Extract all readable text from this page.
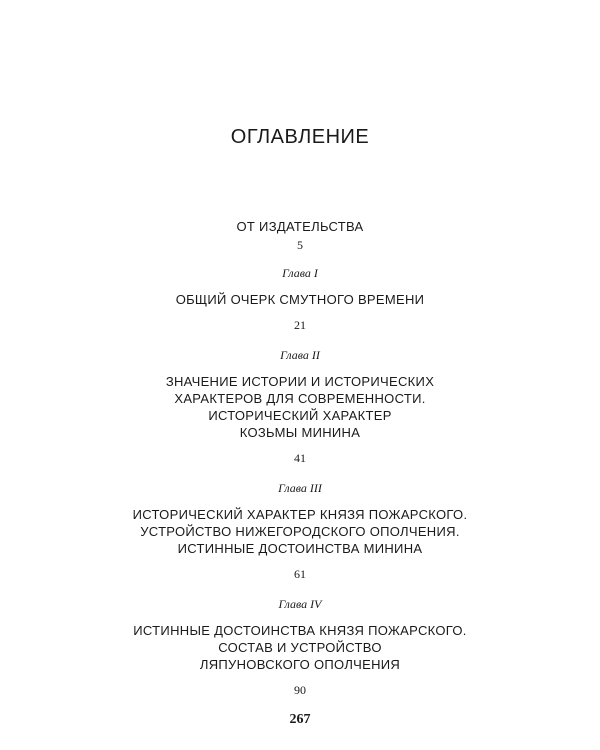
ОГЛАВЛЕНИЕ

ОТ ИЗДАТЕЛЬСТВА

5

Глава I

ОБЩИЙ ОЧЕРК СМУТНОГО ВРЕМЕНИ

21

Глава II

ЗНАЧЕНИЕ ИСТОРИИ И ИСТОРИЧЕСКИХ
ХАРАКТЕРОВ ДЛЯ СОВРЕМЕННОСТИ.
ИСТОРИЧЕСКИЙ ХАРАКТЕР
КОЗЬМЫ МИНИНА

41

Глава III

ИСТОРИЧЕСКИЙ ХАРАКТЕР КНЯЗЯ ПОЖАРСКОГО.
УСТРОЙСТВО НИЖЕГОРОДСКОГО ОПОЛЧЕНИЯ.
ИСТИННЫЕ ДОСТОИНСТВА МИНИНА

61

Глава IV

ИСТИННЫЕ ДОСТОИНСТВА КНЯЗЯ ПОЖАРСКОГО.
СОСТАВ И УСТРОЙСТВО
ЛЯПУНОВСКОГО ОПОЛЧЕНИЯ

90

267
